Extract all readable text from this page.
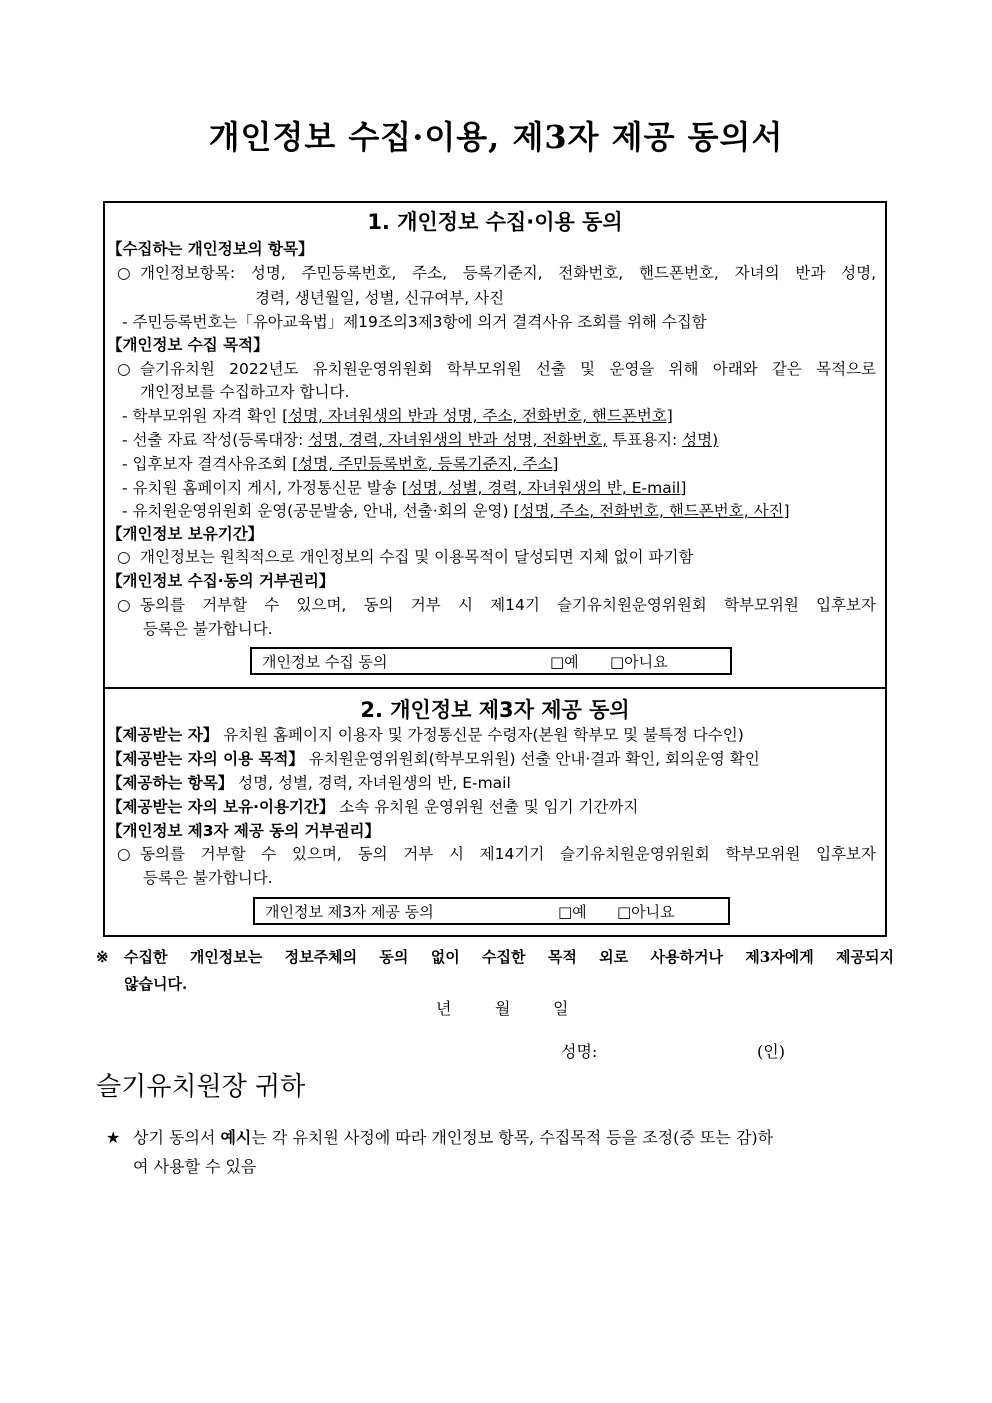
개인정보 수집·이용, 제3자 제공 동의서
1. 개인정보 수집·이용 동의
【수집하는 개인정보의 항목】
○ 개인정보항목: 성명, 주민등록번호, 주소, 등록기준지, 전화번호, 핸드폰번호, 자녀의 반과 성명,
경력, 생년월일, 성별, 신규여부, 사진
- 주민등록번호는「유아교육법」제19조의3제3항에 의거 결격사유 조회를 위해 수집함
【개인정보 수집 목적】
○ 슬기유치원 2022년도 유치원운영위원회 학부모위원 선출 및 운영을 위해 아래와 같은 목적으로
개인정보를 수집하고자 합니다.
- 학부모위원 자격 확인 [성명, 자녀원생의 반과 성명, 주소, 전화번호, 핸드폰번호]
- 선출 자료 작성(등록대장: 성명, 경력, 자녀원생의 반과 성명, 전화번호, 투표용지: 성명)
- 입후보자 결격사유조회 [성명, 주민등록번호, 등록기준지, 주소]
- 유치원 홈페이지 게시, 가정통신문 발송 [성명, 성별, 경력, 자녀원생의 반, E-mail]
- 유치원운영위원회 운영(공문발송, 안내, 선출·회의 운영) [성명, 주소, 전화번호, 핸드폰번호, 사진]
【개인정보 보유기간】
○ 개인정보는 원칙적으로 개인정보의 수집 및 이용목적이 달성되면 지체 없이 파기함
【개인정보 수집·동의 거부권리】
○ 동의를 거부할 수 있으며, 동의 거부 시 제14기 슬기유치원운영위원회 학부모위원 입후보자
등록은 불가합니다.
개인정보 수집 동의	□예 □아니요
2. 개인정보 제3자 제공 동의
【제공받는 자】 유치원 홈페이지 이용자 및 가정통신문 수령자(본원 학부모 및 불특정 다수인)
【제공받는 자의 이용 목적】 유치원운영위원회(학부모위원) 선출 안내·결과 확인, 회의운영 확인
【제공하는 항목】 성명, 성별, 경력, 자녀원생의 반, E-mail
【제공받는 자의 보유·이용기간】 소속 유치원 운영위원 선출 및 임기 기간까지
【개인정보 제3자 제공 동의 거부권리】
○ 동의를 거부할 수 있으며, 동의 거부 시 제14기기 슬기유치원운영위원회 학부모위원 입후보자
등록은 불가합니다.
개인정보 제3자 제공 동의	□예 □아니요
※ 수집한 개인정보는 정보주체의 동의 없이 수집한 목적 외로 사용하거나 제3자에게 제공되지
않습니다.
년	월	일
성명:	(인)
슬기유치원장 귀하
★ 상기 동의서 예시는 각 유치원 사정에 따라 개인정보 항목, 수집목적 등을 조정(증 또는 감)하
여 사용할 수 있음
